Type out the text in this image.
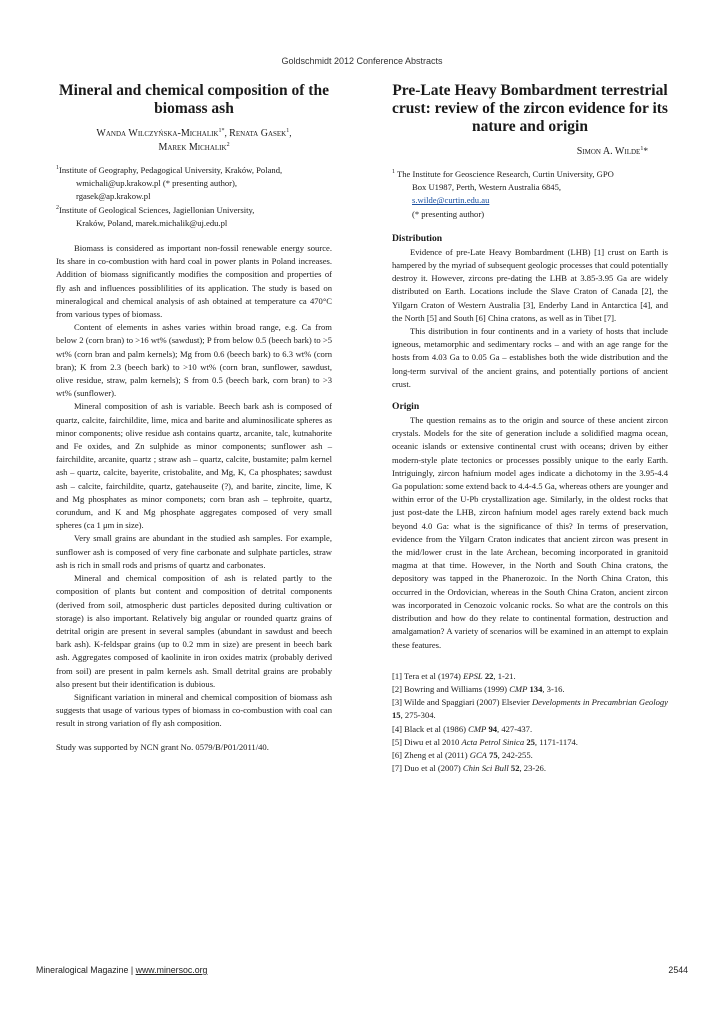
Goldschmidt 2012 Conference Abstracts
Mineral and chemical composition of the biomass ash
Wanda Wilczyńska-Michalik$^{1*}$, Renata Gasek$^1$,
Marek Michalik$^2$
$^1$Institute of Geography, Pedagogical University, Kraków, Poland,
wmichali@up.krakow.pl (* presenting author),
rgasek@ap.krakow.pl
$^2$Institute of Geological Sciences, Jagiellonian University,
Kraków, Poland, marek.michalik@uj.edu.pl

Biomass is considered as important non-fossil renewable energy source. Its share in co-combustion with hard coal in power plants in Poland increases. Addition of biomass significantly modifies the composition and properties of fly ash and influences possiblilities of its application. The study is based on mineralogical and chemical analysis of ash obtained at temperature ca 470°C from various types of biomass.

Content of elements in ashes varies within broad range, e.g. Ca from below 2 (corn bran) to >16 wt% (sawdust); P from below 0.5 (beech bark) to >5 wt% (corn bran and palm kernels); Mg from 0.6 (beech bark) to 6.3 wt% (corn bran); K from 2.3 (beech bark) to >10 wt% (corn bran, sunflower, sawdust, olive residue, straw, palm kernels); S from 0.5 (beech bark, corn bran) to >3 wt% (sunflower).

Mineral composition of ash is variable. Beech bark ash is composed of quartz, calcite, fairchildite, lime, mica and barite and aluminosilicate spheres as minor components; olive residue ash contains quartz, arcanite, talc, kutnahorite and Fe oxides, and Zn sulphide as minor components; sunflower ash – fairchildite, arcanite, quartz ; straw ash – quartz, calcite, bustamite; palm kernel ash – quartz, calcite, bayerite, cristobalite, and Mg, K, Ca phosphates; sawdust ash – calcite, fairchildite, quartz, gatehauseite (?), and barite, zincite, lime, K and Mg phosphates as minor componets; corn bran ash – tephroite, quartz, corundum, and K and Mg phosphate aggregates composed of very small spheres (ca 1 μm in size).

Very small grains are abundant in the studied ash samples. For example, sunflower ash is composed of very fine carbonate and sulphate particles, straw ash is rich in small rods and prisms of quartz and carbonates.

Mineral and chemical composition of ash is related partly to the composition of plants but content and composition of detrital components (derived from soil, atmospheric dust particles deposited during cultivation or storage) is also important. Relatively big angular or rounded quartz grains of detrital origin are present in several samples (abundant in sawdust and beech bark ash). K-feldspar grains (up to 0.2 mm in size) are present in beech bark ash. Aggregates composed of kaolinite in iron oxides matrix (probably derived from soil) are present in palm kernels ash. Small detrital grains are probably also present but their identification is dubious.

Significant variation in mineral and chemical composition of biomass ash suggests that usage of various types of biomass in co-combustion with coal can result in strong variation of fly ash composition.

Study was supported by NCN grant No. 0579/B/P01/2011/40.

Pre-Late Heavy Bombardment terrestrial crust: review of the zircon evidence for its nature and origin
Simon A. Wilde$^1$*
$^1$ The Institute for Geoscience Research, Curtin University, GPO
Box U1987, Perth, Western Australia 6845,
s.wilde@curtin.edu.au
(* presenting author)
Distribution

Evidence of pre-Late Heavy Bombardment (LHB) [1] crust on Earth is hampered by the myriad of subsequent geologic processes that could potentially destroy it. However, zircons pre-dating the LHB at 3.85-3.95 Ga are widely distributed on Earth. Locations include the Slave Craton of Canada [2], the Yilgarn Craton of Western Australia [3], Enderby Land in Antarctica [4], and the North [5] and South [6] China cratons, as well as in Tibet [7].

This distribution in four continents and in a variety of hosts that include igneous, metamorphic and sedimentary rocks – and with an age range for the hosts from 4.03 Ga to 0.05 Ga – establishes both the wide distribution and the long-term survival of the ancient grains, and potentially portions of ancient crust.

Origin

The question remains as to the origin and source of these ancient zircon crystals. Models for the site of generation include a solidified magma ocean, oceanic islands or extensive continental crust with oceans; driven by either modern-style plate tectonics or processes possibly unique to the early Earth. Intriguingly, zircon hafnium model ages indicate a dichotomy in the 3.95-4.4 Ga population: some extend back to 4.4-4.5 Ga, whereas others are younger and within error of the U-Pb crystallization age. Similarly, in the oldest rocks that just post-date the LHB, zircon hafnium model ages rarely extend back much beyond 4.0 Ga: what is the significance of this? In terms of preservation, evidence from the Yilgarn Craton indicates that ancient zircon was present in the mid/lower crust in the late Archean, becoming incorporated in granitoid magma at that time. However, in the North and South China cratons, the depository was tapped in the Phanerozoic. In the North China Craton, this occurred in the Ordovician, whereas in the South China Craton, ancient zircon was incorporated in Cenozoic volcanic rocks. So what are the controls on this distribution and how do they relate to continental formation, destruction and amalgamation? A variety of scenarios will be examined in an attempt to explain these features.

[1] Tera et al (1974) EPSL 22, 1-21.
[2] Bowring and Williams (1999) CMP 134, 3-16.
[3] Wilde and Spaggiari (2007) Elsevier Developments in Precambrian Geology 15, 275-304.
[4] Black et al (1986) CMP 94, 427-437.
[5] Diwu et al 2010 Acta Petrol Sinica 25, 1171-1174.
[6] Zheng et al (2011) GCA 75, 242-255.
[7] Duo et al (2007) Chin Sci Bull 52, 23-26.
Mineralogical Magazine | www.minersoc.org	2544
